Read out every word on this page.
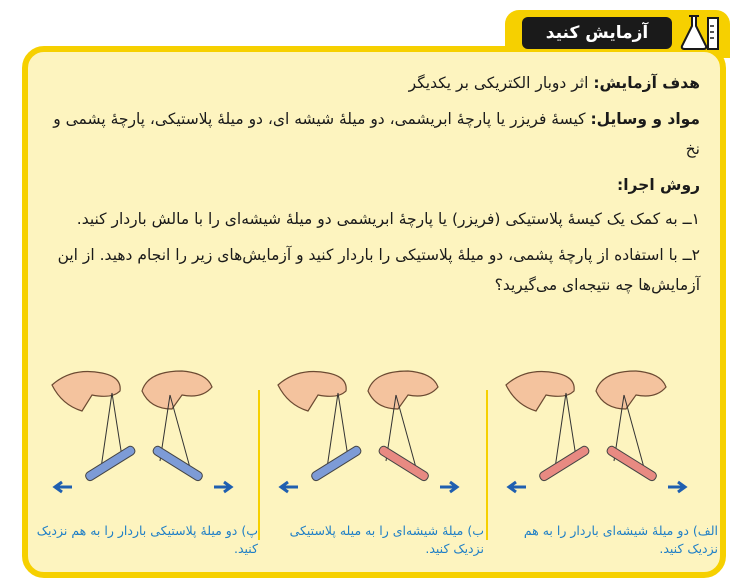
آزمایش کنید

هدف آزمایش: اثر دوبار الکتریکی بر یکدیگر

مواد و وسایل: کیسهٔ فریزر یا پارچهٔ ابریشمی، دو میلهٔ شیشه ای، دو میلهٔ پلاستیکی، پارچهٔ پشمی و نخ

روش اجرا:

۱ــ به کمک یک کیسهٔ پلاستیکی (فریزر) یا پارچهٔ ابریشمی دو میلهٔ شیشه‌ای را با مالش باردار کنید.

۲ــ با استفاده از پارچهٔ پشمی، دو میلهٔ پلاستیکی را باردار کنید و آزمایش‌های زیر را انجام دهید. از این آزمایش‌ها چه نتیجه‌ای می‌گیرید؟

الف) دو میلهٔ شیشه‌ای باردار را به هم نزدیک کنید.
ب) میلهٔ شیشه‌ای را به میله پلاستیکی نزدیک کنید.
پ) دو میلهٔ پلاستیکی باردار را به هم نزدیک کنید.
